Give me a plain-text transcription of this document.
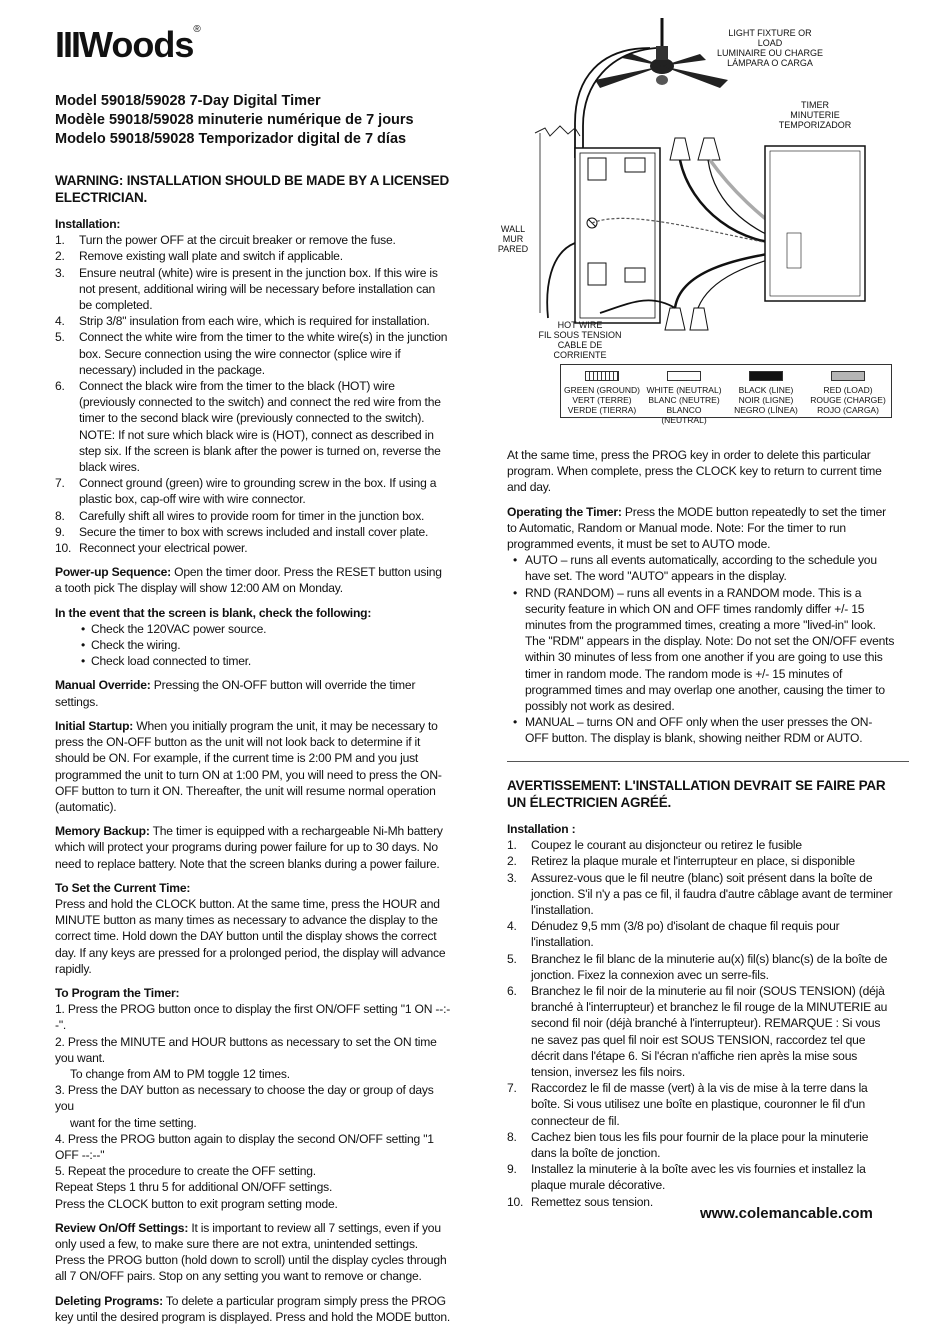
IIIWoods®
Model 59018/59028 7-Day Digital Timer
Modèle 59018/59028 minuterie numérique de 7 jours
Modelo 59018/59028 Temporizador digital de 7 días
WARNING: INSTALLATION SHOULD BE MADE BY A LICENSED ELECTRICIAN.
Installation:
1. Turn the power OFF at the circuit breaker or remove the fuse.
2. Remove existing wall plate and switch if applicable.
3. Ensure neutral (white) wire is present in the junction box. If this wire is not present, additional wiring will be necessary before installation can be completed.
4. Strip 3/8" insulation from each wire, which is required for installation.
5. Connect the white wire from the timer to the white wire(s) in the junction box. Secure connection using the wire connector (splice wire if necessary) included in the package.
6. Connect the black wire from the timer to the black (HOT) wire (previously connected to the switch) and connect the red wire from the timer to the second black wire (previously connected to the switch). NOTE: If not sure which black wire is (HOT), connect as described in step six. If the screen is blank after the power is turned on, reverse the black wires.
7. Connect ground (green) wire to grounding screw in the box. If using a plastic box, cap-off wire with wire connector.
8. Carefully shift all wires to provide room for timer in the junction box.
9. Secure the timer to box with screws included and install cover plate.
10. Reconnect your electrical power.

Power-up Sequence: Open the timer door. Press the RESET button using a tooth pick The display will show 12:00 AM on Monday.

In the event that the screen is blank, check the following:
• Check the 120VAC power source.
• Check the wiring.
• Check load connected to timer.

Manual Override: Pressing the ON-OFF button will override the timer settings.

Initial Startup: When you initially program the unit, it may be necessary to press the ON-OFF button as the unit will not look back to determine if it should be ON. For example, if the current time is 2:00 PM and you just programmed the unit to turn ON at 1:00 PM, you will need to press the ON-OFF button to turn it ON. Thereafter, the unit will resume normal operation (automatic).

Memory Backup: The timer is equipped with a rechargeable Ni-Mh battery which will protect your programs during power failure for up to 30 days. No need to replace battery. Note that the screen blanks during a power failure.

To Set the Current Time:

Press and hold the CLOCK button. At the same time, press the HOUR and MINUTE button as many times as necessary to advance the display to the correct time. Hold down the DAY button until the display shows the correct day. If any keys are pressed for a prolonged period, the display will advance rapidly.

To Program the Timer:
1. Press the PROG button once to display the first ON/OFF setting "1 ON --:--".
2. Press the MINUTE and HOUR buttons as necessary to set the ON time you want.
To change from AM to PM toggle 12 times.
3. Press the DAY button as necessary to choose the day or group of days you
want for the time setting.
4. Press the PROG button again to display the second ON/OFF setting "1 OFF --:--"
5. Repeat the procedure to create the OFF setting.
Repeat Steps 1 thru 5 for additional ON/OFF settings.
Press the CLOCK button to exit program setting mode.

Review On/Off Settings: It is important to review all 7 settings, even if you only used a few, to make sure there are not extra, unintended settings. Press the PROG button (hold down to scroll) until the display cycles through all 7 ON/OFF pairs. Stop on any setting you want to remove or change.

Deleting Programs: To delete a particular program simply press the PROG key until the desired program is displayed. Press and hold the MODE button.

LIGHT FIXTURE OR LOAD
LUMINAIRE OU CHARGE
LÁMPARA O CARGA
TIMER
MINUTERIE
TEMPORIZADOR
WALL
MUR
PARED
HOT WIRE
FIL SOUS TENSION
CABLE DE CORRIENTE
GREEN (GROUND)
VERT (TERRE)
VERDE (TIERRA)
WHITE (NEUTRAL)
BLANC (NEUTRE)
BLANCO (NEUTRAL)
BLACK (LINE)
NOIR (LIGNE)
NEGRO (LÍNEA)
RED (LOAD)
ROUGE (CHARGE)
ROJO (CARGA)

At the same time, press the PROG key in order to delete this particular program. When complete, press the CLOCK key to return to current time and day.

Operating the Timer: Press the MODE button repeatedly to set the timer to Automatic, Random or Manual mode. Note: For the timer to run programmed events, it must be set to AUTO mode.

• AUTO – runs all events automatically, according to the schedule you have set. The word "AUTO" appears in the display.
• RND (RANDOM) – runs all events in a RANDOM mode. This is a security feature in which ON and OFF times randomly differ +/- 15 minutes from the programmed times, creating a more "lived-in" look. The "RDM" appears in the display. Note: Do not set the ON/OFF events within 30 minutes of less from one another if you are going to use this timer in random mode. The random mode is +/- 15 minutes of programmed times and may overlap one another, causing the timer to possibly not work as desired.
• MANUAL – turns ON and OFF only when the user presses the ON-OFF button. The display is blank, showing neither RDM or AUTO.
AVERTISSEMENT: L'INSTALLATION DEVRAIT SE FAIRE PAR UN ÉLECTRICIEN AGRÉÉ.
Installation :
1. Coupez le courant au disjoncteur ou retirez le fusible
2. Retirez la plaque murale et l'interrupteur en place, si disponible
3. Assurez-vous que le fil neutre (blanc) soit présent dans la boîte de jonction. S'il n'y a pas ce fil, il faudra d'autre câblage avant de terminer l'installation.
4. Dénudez 9,5 mm (3/8 po) d'isolant de chaque fil requis pour l'installation.
5. Branchez le fil blanc de la minuterie au(x) fil(s) blanc(s) de la boîte de jonction. Fixez la connexion avec un serre-fils.
6. Branchez le fil noir de la minuterie au fil noir (SOUS TENSION) (déjà branché à l'interrupteur) et branchez le fil rouge de la MINUTERIE au second fil noir (déjà branché à l'interrupteur). REMARQUE : Si vous ne savez pas quel fil noir est SOUS TENSION, raccordez tel que décrit dans l'étape 6. Si l'écran n'affiche rien après la mise sous tension, inversez les fils noirs.
7. Raccordez le fil de masse (vert) à la vis de mise à la terre dans la boîte. Si vous utilisez une boîte en plastique, couronner le fil d'un connecteur de fil.
8. Cachez bien tous les fils pour fournir de la place pour la minuterie dans la boîte de jonction.
9. Installez la minuterie à la boîte avec les vis fournies et installez la plaque murale décorative.
10. Remettez sous tension.
www.colemancable.com
